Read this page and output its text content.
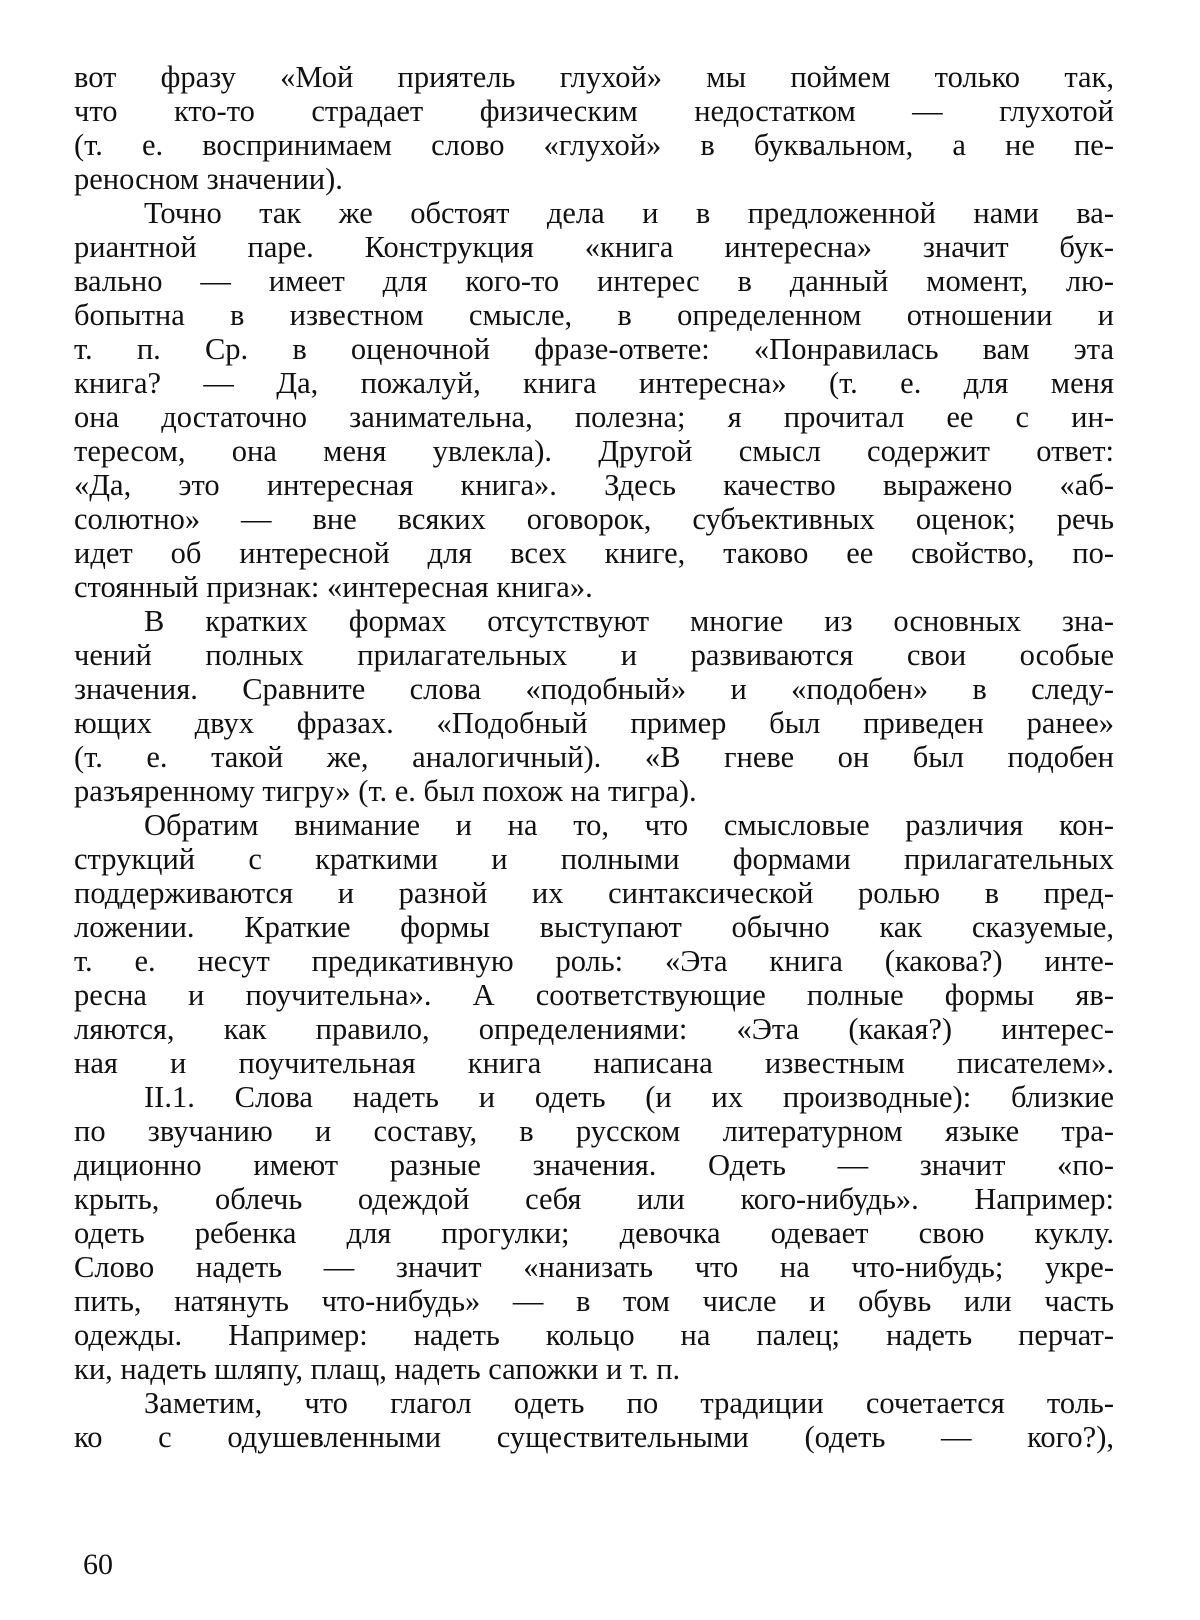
вот фразу «Мой приятель глухой» мы поймем только так,
что кто-то страдает физическим недостатком — глухотой
(т. е. воспринимаем слово «глухой» в буквальном, а не пе-
реносном значении).
Точно так же обстоят дела и в предложенной нами ва-
риантной паре. Конструкция «книга интересна» значит бук-
вально — имеет для кого-то интерес в данный момент, лю-
бопытна в известном смысле, в определенном отношении и
т. п. Ср. в оценочной фразе-ответе: «Понравилась вам эта
книга? — Да, пожалуй, книга интересна» (т. е. для меня
она достаточно занимательна, полезна; я прочитал ее с ин-
тересом, она меня увлекла). Другой смысл содержит ответ:
«Да, это интересная книга». Здесь качество выражено «аб-
солютно» — вне всяких оговорок, субъективных оценок; речь
идет об интересной для всех книге, таково ее свойство, по-
стоянный признак: «интересная книга».
В кратких формах отсутствуют многие из основных зна-
чений полных прилагательных и развиваются свои особые
значения. Сравните слова «подобный» и «подобен» в следу-
ющих двух фразах. «Подобный пример был приведен ранее»
(т. е. такой же, аналогичный). «В гневе он был подобен
разъяренному тигру» (т. е. был похож на тигра).
Обратим внимание и на то, что смысловые различия кон-
струкций с краткими и полными формами прилагательных
поддерживаются и разной их синтаксической ролью в пред-
ложении. Краткие формы выступают обычно как сказуемые,
т. е. несут предикативную роль: «Эта книга (какова?) инте-
ресна и поучительна». А соответствующие полные формы яв-
ляются, как правило, определениями: «Эта (какая?) интерес-
ная и поучительная книга написана известным писателем».
II.1. Слова надеть и одеть (и их производные): близкие
по звучанию и составу, в русском литературном языке тра-
диционно имеют разные значения. Одеть — значит «по-
крыть, облечь одеждой себя или кого-нибудь». Например:
одеть ребенка для прогулки; девочка одевает свою куклу.
Слово надеть — значит «нанизать что на что-нибудь; укре-
пить, натянуть что-нибудь» — в том числе и обувь или часть
одежды. Например: надеть кольцо на палец; надеть перчат-
ки, надеть шляпу, плащ, надеть сапожки и т. п.
Заметим, что глагол одеть по традиции сочетается толь-
ко с одушевленными существительными (одеть — кого?),
60
